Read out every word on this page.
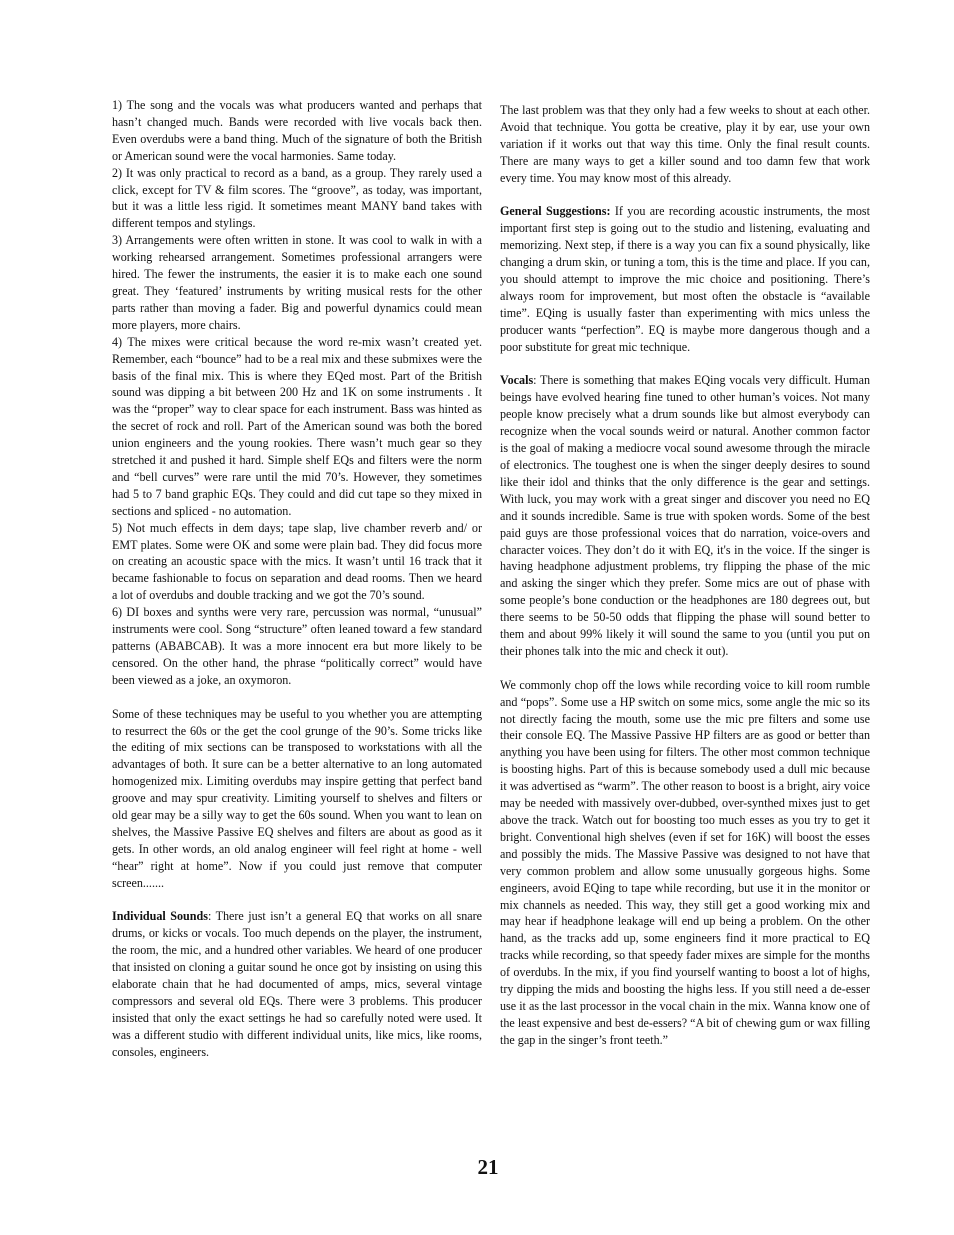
1) The song and the vocals was what producers wanted and perhaps that hasn’t changed much. Bands were recorded with live vocals back then. Even overdubs were a band thing. Much of the signature of both the British or American sound were the vocal harmonies. Same today.

2) It was only practical to record as a band, as a group. They rarely used a click, except for TV & film scores. The “groove”, as today, was important, but it was a little less rigid. It sometimes meant MANY band takes with different tempos and stylings.

3) Arrangements were often written in stone. It was cool to walk in with a working rehearsed arrangement. Sometimes professional arrangers were hired. The fewer the instruments, the easier it is to make each one sound great. They ‘featured’ instruments by writing musical rests for the other parts rather than moving a fader. Big and powerful dynamics could mean more players, more chairs.

4) The mixes were critical because the word re-mix wasn’t created yet. Remember, each “bounce” had to be a real mix and these submixes were the basis of the final mix. This is where they EQed most. Part of the British sound was dipping a bit between 200 Hz and 1K on some instruments . It was the “proper” way to clear space for each instrument. Bass was hinted as the secret of rock and roll. Part of the American sound was both the bored union engineers and the young rookies. There wasn’t much gear so they stretched it and pushed it hard. Simple shelf EQs and filters were the norm and “bell curves” were rare until the mid 70’s. However, they sometimes had 5 to 7 band graphic EQs. They could and did cut tape so they mixed in sections and spliced - no automation.

5) Not much effects in dem days; tape slap, live chamber reverb and/ or EMT plates. Some were OK and some were plain bad. They did focus more on creating an acoustic space with the mics. It wasn’t until 16 track that it became fashionable to focus on separation and dead rooms. Then we heard a lot of overdubs and double tracking and we got the 70’s sound.

6) DI boxes and synths were very rare, percussion was normal, “unusual” instruments were cool. Song “structure” often leaned toward a few standard patterns (ABABCAB). It was a more innocent era but more likely to be censored. On the other hand, the phrase “politically correct” would have been viewed as a joke, an oxymoron.

Some of these techniques may be useful to you whether you are attempting to resurrect the 60s or the get the cool grunge of the 90’s. Some tricks like the editing of mix sections can be transposed to workstations with all the advantages of both. It sure can be a better alternative to an long automated homogenized mix. Limiting overdubs may inspire getting that perfect band groove and may spur creativity. Limiting yourself to shelves and filters or old gear may be a silly way to get the 60s sound. When you want to lean on shelves, the Massive Passive EQ shelves and filters are about as good as it gets. In other words, an old analog engineer will feel right at home - well “hear” right at home”. Now if you could just remove that computer screen.......

Individual Sounds: There just isn’t a general EQ that works on all snare drums, or kicks or vocals. Too much depends on the player, the instrument, the room, the mic, and a hundred other variables. We heard of one producer that insisted on cloning a guitar sound he once got by insisting on using this elaborate chain that he had documented of amps, mics, several vintage compressors and several old EQs. There were 3 problems. This producer insisted that only the exact settings he had so carefully noted were used. It was a different studio with different individual units, like mics, like rooms, consoles, engineers.

The last problem was that they only had a few weeks to shout at each other. Avoid that technique. You gotta be creative, play it by ear, use your own variation if it works out that way this time. Only the final result counts. There are many ways to get a killer sound and too damn few that work every time. You may know most of this already.

General Suggestions: If you are recording acoustic instruments, the most important first step is going out to the studio and listening, evaluating and memorizing. Next step, if there is a way you can fix a sound physically, like changing a drum skin, or tuning a tom, this is the time and place. If you can, you should attempt to improve the mic choice and positioning. There’s always room for improvement, but most often the obstacle is “available time”. EQing is usually faster than experimenting with mics unless the producer wants “perfection”. EQ is maybe more dangerous though and a poor substitute for great mic technique.

Vocals: There is something that makes EQing vocals very difficult. Human beings have evolved hearing fine tuned to other human’s voices. Not many people know precisely what a drum sounds like but almost everybody can recognize when the vocal sounds weird or natural. Another common factor is the goal of making a mediocre vocal sound awesome through the miracle of electronics. The toughest one is when the singer deeply desires to sound like their idol and thinks that the only difference is the gear and settings. With luck, you may work with a great singer and discover you need no EQ and it sounds incredible. Same is true with spoken words. Some of the best paid guys are those professional voices that do narration, voice-overs and character voices. They don’t do it with EQ, it's in the voice. If the singer is having headphone adjustment problems, try flipping the phase of the mic and asking the singer which they prefer. Some mics are out of phase with some people’s bone conduction or the headphones are 180 degrees out, but there seems to be 50-50 odds that flipping the phase will sound better to them and about 99% likely it will sound the same to you (until you put on their phones talk into the mic and check it out).

We commonly chop off the lows while recording voice to kill room rumble and “pops”. Some use a HP switch on some mics, some angle the mic so its not directly facing the mouth, some use the mic pre filters and some use their console EQ. The Massive Passive HP filters are as good or better than anything you have been using for filters. The other most common technique is boosting highs. Part of this is because somebody used a dull mic because it was advertised as “warm”. The other reason to boost is a bright, airy voice may be needed with massively over-dubbed, over-synthed mixes just to get above the track. Watch out for boosting too much esses as you try to get it bright. Conventional high shelves (even if set for 16K) will boost the esses and possibly the mids. The Massive Passive was designed to not have that very common problem and allow some unusually gorgeous highs. Some engineers, avoid EQing to tape while recording, but use it in the monitor or mix channels as needed. This way, they still get a good working mix and may hear if headphone leakage will end up being a problem. On the other hand, as the tracks add up, some engineers find it more practical to EQ tracks while recording, so that speedy fader mixes are simple for the months of overdubs. In the mix, if you find yourself wanting to boost a lot of highs, try dipping the mids and boosting the highs less. If you still need a de-esser use it as the last processor in the vocal chain in the mix. Wanna know one of the least expensive and best de-essers? “A bit of chewing gum or wax filling the gap in the singer’s front teeth.”

21
